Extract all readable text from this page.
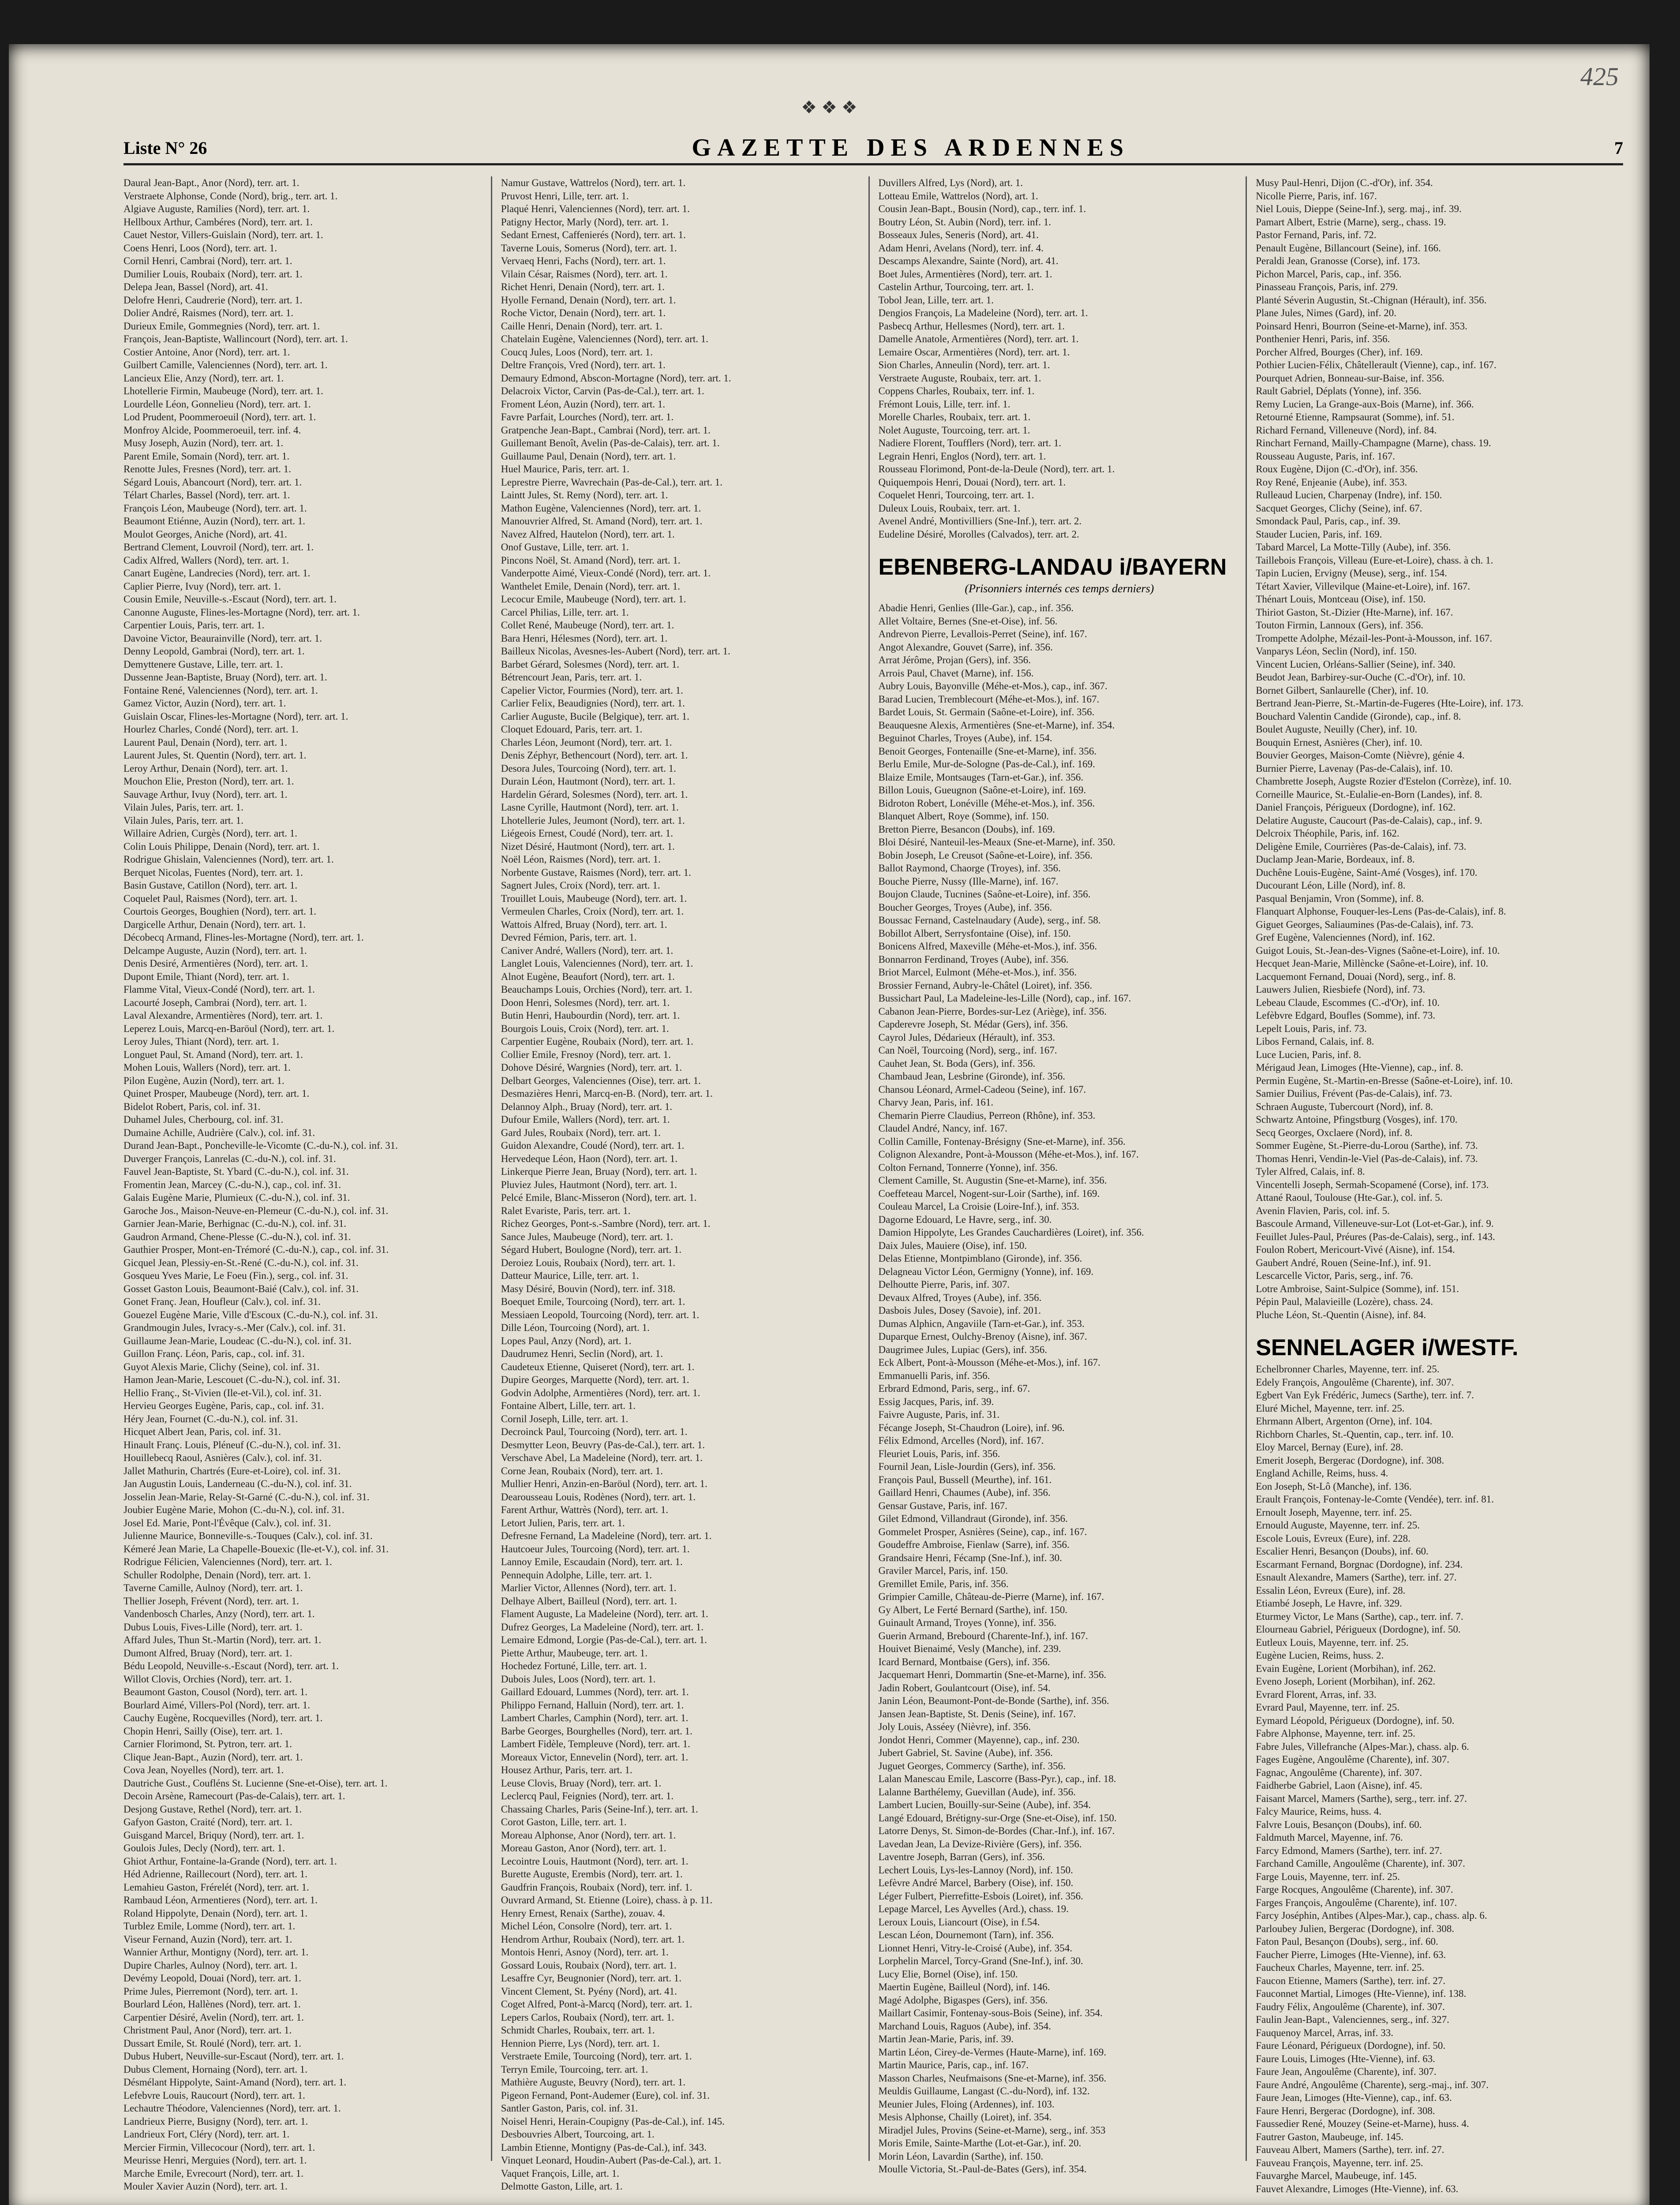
425
❖ ❖ ❖
Liste N° 26	GAZETTE DES ARDENNES	7
Daural Jean-Bapt., Anor (Nord), terr. art. 1.
Verstraete Alphonse, Conde (Nord), brig., terr. art. 1.
Algiave Auguste, Ramilies (Nord), terr. art. 1.
Hellboux Arthur, Cambéres (Nord), terr. art. 1.
Cauet Nestor, Villers-Guislain (Nord), terr. art. 1.
Coens Henri, Loos (Nord), terr. art. 1.
Cornil Henri, Cambrai (Nord), terr. art. 1.
Dumilier Louis, Roubaix (Nord), terr. art. 1.
Delepa Jean, Bassel (Nord), art. 41.
Delofre Henri, Caudrerie (Nord), terr. art. 1.
Dolier André, Raismes (Nord), terr. art. 1.
Durieux Emile, Gommegnies (Nord), terr. art. 1.
François, Jean-Baptiste, Wallincourt (Nord), terr. art. 1.
Costier Antoine, Anor (Nord), terr. art. 1.
Guilbert Camille, Valenciennes (Nord), terr. art. 1.
Lancieux Elie, Anzy (Nord), terr. art. 1.
Lhotellerie Firmin, Maubeuge (Nord), terr. art. 1.
Lourdelle Léon, Gonnelieu (Nord), terr. art. 1.
Lod Prudent, Poommeroeuil (Nord), terr. art. 1.
Monfroy Alcide, Poommeroeuil, terr. inf. 4.
Musy Joseph, Auzin (Nord), terr. art. 1.
Parent Emile, Somain (Nord), terr. art. 1.
Renotte Jules, Fresnes (Nord), terr. art. 1.
Ségard Louis, Abancourt (Nord), terr. art. 1.
Télart Charles, Bassel (Nord), terr. art. 1.
François Léon, Maubeuge (Nord), terr. art. 1.
Beaumont Etiénne, Auzin (Nord), terr. art. 1.
Moulot Georges, Aniche (Nord), art. 41.
Bertrand Clement, Louvroil (Nord), terr. art. 1.
Cadix Alfred, Wallers (Nord), terr. art. 1.
Canart Eugène, Landrecies (Nord), terr. art. 1.
Caplier Pierre, Ivuy (Nord), terr. art. 1.
Cousin Emile, Neuville-s.-Escaut (Nord), terr. art. 1.
Canonne Auguste, Flines-les-Mortagne (Nord), terr. art. 1.
Carpentier Louis, Paris, terr. art. 1.
Davoine Victor, Beaurainville (Nord), terr. art. 1.
Denny Leopold, Gambrai (Nord), terr. art. 1.
Demyttenere Gustave, Lille, terr. art. 1.
Dussenne Jean-Baptiste, Bruay (Nord), terr. art. 1.
Fontaine René, Valenciennes (Nord), terr. art. 1.
Gamez Victor, Auzin (Nord), terr. art. 1.
Guislain Oscar, Flines-les-Mortagne (Nord), terr. art. 1.
Hourlez Charles, Condé (Nord), terr. art. 1.
Laurent Paul, Denain (Nord), terr. art. 1.
Laurent Jules, St. Quentin (Nord), terr. art. 1.
Leroy Arthur, Denain (Nord), terr. art. 1.
Mouchon Elie, Preston (Nord), terr. art. 1.
Sauvage Arthur, Ivuy (Nord), terr. art. 1.
Vilain Jules, Paris, terr. art. 1.
Vilain Jules, Paris, terr. art. 1.
Willaire Adrien, Curgès (Nord), terr. art. 1.
Colin Louis Philippe, Denain (Nord), terr. art. 1.
Rodrigue Ghislain, Valenciennes (Nord), terr. art. 1.
Berquet Nicolas, Fuentes (Nord), terr. art. 1.
Basin Gustave, Catillon (Nord), terr. art. 1.
Coquelet Paul, Raismes (Nord), terr. art. 1.
Courtois Georges, Boughien (Nord), terr. art. 1.
Dargicelle Arthur, Denain (Nord), terr. art. 1.
Décobecq Armand, Flines-les-Mortagne (Nord), terr. art. 1.
Delcampe Auguste, Auzin (Nord), terr. art. 1.
Denis Desiré, Armentières (Nord), terr. art. 1.
Dupont Emile, Thiant (Nord), terr. art. 1.
Flamme Vital, Vieux-Condé (Nord), terr. art. 1.
Lacourté Joseph, Cambrai (Nord), terr. art. 1.
Laval Alexandre, Armentières (Nord), terr. art. 1.
Leperez Louis, Marcq-en-Baröul (Nord), terr. art. 1.
Leroy Jules, Thiant (Nord), terr. art. 1.
Longuet Paul, St. Amand (Nord), terr. art. 1.
Mohen Louis, Wallers (Nord), terr. art. 1.
Pilon Eugène, Auzin (Nord), terr. art. 1.
Quinet Prosper, Maubeuge (Nord), terr. art. 1.
Bidelot Robert, Paris, col. inf. 31.
Duhamel Jules, Cherbourg, col. inf. 31.
Dumaine Achille, Audrière (Calv.), col. inf. 31.
Durand Jean-Bapt., Poncheville-le-Vicomte (C.-du-N.), col. inf. 31.
Duverger François, Lanrelas (C.-du-N.), col. inf. 31.
Fauvel Jean-Baptiste, St. Ybard (C.-du-N.), col. inf. 31.
Fromentin Jean, Marcey (C.-du-N.), cap., col. inf. 31.
Galais Eugène Marie, Plumieux (C.-du-N.), col. inf. 31.
Garoche Jos., Maison-Neuve-en-Plemeur (C.-du-N.), col. inf. 31.
Garnier Jean-Marie, Berhignac (C.-du-N.), col. inf. 31.
Gaudron Armand, Chene-Plesse (C.-du-N.), col. inf. 31.
Gauthier Prosper, Mont-en-Trémoré (C.-du-N.), cap., col. inf. 31.
Gicquel Jean, Plessiy-en-St.-René (C.-du-N.), col. inf. 31.
Gosqueu Yves Marie, Le Foeu (Fin.), serg., col. inf. 31.
Gosset Gaston Louis, Beaumont-Baié (Calv.), col. inf. 31.
Gonet Franç. Jean, Houfleur (Calv.), col. inf. 31.
Gouezel Eugène Marie, Ville d'Escoux (C.-du-N.), col. inf. 31.
Grandmougin Jules, Ivracy-s.-Mer (Calv.), col. inf. 31.
Guillaume Jean-Marie, Loudeac (C.-du-N.), col. inf. 31.
Guillon Franç. Léon, Paris, cap., col. inf. 31.
Guyot Alexis Marie, Clichy (Seine), col. inf. 31.
Hamon Jean-Marie, Lescouet (C.-du-N.), col. inf. 31.
Hellio Franç., St-Vivien (Ile-et-Vil.), col. inf. 31.
Hervieu Georges Eugène, Paris, cap., col. inf. 31.
Héry Jean, Fournet (C.-du-N.), col. inf. 31.
Hicquet Albert Jean, Paris, col. inf. 31.
Hinault Franç. Louis, Pléneuf (C.-du-N.), col. inf. 31.
Houillebecq Raoul, Asnières (Calv.), col. inf. 31.
Jallet Mathurin, Chartrés (Eure-et-Loire), col. inf. 31.
Jan Augustin Louis, Landerneau (C.-du-N.), col. inf. 31.
Josselin Jean-Marie, Relay-St-Garné (C.-du-N.), col. inf. 31.
Joubier Eugène Marie, Mohon (C.-du-N.), col. inf. 31.
Josel Ed. Marie, Pont-l'Évêque (Calv.), col. inf. 31.
Julienne Maurice, Bonneville-s.-Touques (Calv.), col. inf. 31.
Kémeré Jean Marie, La Chapelle-Bouexic (Ile-et-V.), col. inf. 31.
Rodrigue Félicien, Valenciennes (Nord), terr. art. 1.
Schuller Rodolphe, Denain (Nord), terr. art. 1.
Taverne Camille, Aulnoy (Nord), terr. art. 1.
Thellier Joseph, Frévent (Nord), terr. art. 1.
Vandenbosch Charles, Anzy (Nord), terr. art. 1.
Dubus Louis, Fives-Lille (Nord), terr. art. 1.
Affard Jules, Thun St.-Martin (Nord), terr. art. 1.
Dumont Alfred, Bruay (Nord), terr. art. 1.
Bédu Leopold, Neuville-s.-Escaut (Nord), terr. art. 1.
Willot Clovis, Orchies (Nord), terr. art. 1.
Beaumont Gaston, Cousol (Nord), terr. art. 1.
Bourlard Aimé, Villers-Pol (Nord), terr. art. 1.
Cauchy Eugène, Rocquevilles (Nord), terr. art. 1.
Chopin Henri, Sailly (Oise), terr. art. 1.
Carnier Florimond, St. Pytron, terr. art. 1.
Clique Jean-Bapt., Auzin (Nord), terr. art. 1.
Cova Jean, Noyelles (Nord), terr. art. 1.
Dautriche Gust., Coufléns St. Lucienne (Sne-et-Oise), terr. art. 1.
Decoin Arsène, Ramecourt (Pas-de-Calais), terr. art. 1.
Desjong Gustave, Rethel (Nord), terr. art. 1.
Gafyon Gaston, Craité (Nord), terr. art. 1.
Guisgand Marcel, Briquy (Nord), terr. art. 1.
Goulois Jules, Decly (Nord), terr. art. 1.
Ghiot Arthur, Fontaine-la-Grande (Nord), terr. art. 1.
Héd Adrienne, Raillecourt (Nord), terr. art. 1.
Lemahieu Gaston, Frérelét (Nord), terr. art. 1.
Rambaud Léon, Armentieres (Nord), terr. art. 1.
Roland Hippolyte, Denain (Nord), terr. art. 1.
Turblez Emile, Lomme (Nord), terr. art. 1.
Viseur Fernand, Auzin (Nord), terr. art. 1.
Wannier Arthur, Montigny (Nord), terr. art. 1.
Dupire Charles, Aulnoy (Nord), terr. art. 1.
Devémy Leopold, Douai (Nord), terr. art. 1.
Prime Jules, Pierremont (Nord), terr. art. 1.
Bourlard Léon, Hallènes (Nord), terr. art. 1.
Carpentier Désiré, Avelin (Nord), terr. art. 1.
Christment Paul, Anor (Nord), terr. art. 1.
Dussart Emile, St. Roulé (Nord), terr. art. 1.
Dubus Hubert, Neuville-sur-Escaut (Nord), terr. art. 1.
Dubus Clement, Hornaing (Nord), terr. art. 1.
Désmélant Hippolyte, Saint-Amand (Nord), terr. art. 1.
Lefebvre Louis, Raucourt (Nord), terr. art. 1.
Lechautre Théodore, Valenciennes (Nord), terr. art. 1.
Landrieux Pierre, Busigny (Nord), terr. art. 1.
Landrieux Fort, Cléry (Nord), terr. art. 1.
Mercier Firmin, Villecocour (Nord), terr. art. 1.
Meurisse Henri, Merguies (Nord), terr. art. 1.
Marche Emile, Evrecourt (Nord), terr. art. 1.
Mouler Xavier Auzin (Nord), terr. art. 1.
Namur Gustave, Wattrelos (Nord), terr. art. 1.
Pruvost Henri, Lille, terr. art. 1.
Plaqué Henri, Valenciennes (Nord), terr. art. 1.
Patigny Hector, Marly (Nord), terr. art. 1.
Sedant Ernest, Caffenierés (Nord), terr. art. 1.
Taverne Louis, Somerus (Nord), terr. art. 1.
Vervaeq Henri, Fachs (Nord), terr. art. 1.
Vilain César, Raismes (Nord), terr. art. 1.
Richet Henri, Denain (Nord), terr. art. 1.
Hyolle Fernand, Denain (Nord), terr. art. 1.
Roche Victor, Denain (Nord), terr. art. 1.
Caille Henri, Denain (Nord), terr. art. 1.
Chatelain Eugène, Valenciennes (Nord), terr. art. 1.
Coucq Jules, Loos (Nord), terr. art. 1.
Deltre François, Vred (Nord), terr. art. 1.
Demaury Edmond, Abscon-Mortagne (Nord), terr. art. 1.
Delacroix Victor, Carvin (Pas-de-Cal.), terr. art. 1.
Froment Léon, Auzin (Nord), terr. art. 1.
Favre Parfait, Lourches (Nord), terr. art. 1.
Gratpenche Jean-Bapt., Cambrai (Nord), terr. art. 1.
Guillemant Benoît, Avelin (Pas-de-Calais), terr. art. 1.
Guillaume Paul, Denain (Nord), terr. art. 1.
Huel Maurice, Paris, terr. art. 1.
Leprestre Pierre, Wavrechain (Pas-de-Cal.), terr. art. 1.
Laintt Jules, St. Remy (Nord), terr. art. 1.
Mathon Eugène, Valenciennes (Nord), terr. art. 1.
Manouvrier Alfred, St. Amand (Nord), terr. art. 1.
Navez Alfred, Hautelon (Nord), terr. art. 1.
Onof Gustave, Lille, terr. art. 1.
Pincons Noël, St. Amand (Nord), terr. art. 1.
Vanderpotte Aimé, Vieux-Condé (Nord), terr. art. 1.
Wanthelet Emile, Denain (Nord), terr. art. 1.
Lecocur Emile, Maubeuge (Nord), terr. art. 1.
Carcel Philias, Lille, terr. art. 1.
Collet René, Maubeuge (Nord), terr. art. 1.
Bara Henri, Hélesmes (Nord), terr. art. 1.
Bailleux Nicolas, Avesnes-les-Aubert (Nord), terr. art. 1.
Barbet Gérard, Solesmes (Nord), terr. art. 1.
Bétrencourt Jean, Paris, terr. art. 1.
Capelier Victor, Fourmies (Nord), terr. art. 1.
Carlier Felix, Beaudignies (Nord), terr. art. 1.
Carlier Auguste, Bucile (Belgique), terr. art. 1.
Cloquet Edouard, Paris, terr. art. 1.
Charles Léon, Jeumont (Nord), terr. art. 1.
Denis Zéphyr, Bethencourt (Nord), terr. art. 1.
Desora Jules, Tourcoing (Nord), terr. art. 1.
Durain Léon, Hautmont (Nord), terr. art. 1.
Hardelin Gérard, Solesmes (Nord), terr. art. 1.
Lasne Cyrille, Hautmont (Nord), terr. art. 1.
Lhotellerie Jules, Jeumont (Nord), terr. art. 1.
Liégeois Ernest, Coudé (Nord), terr. art. 1.
Nizet Désiré, Hautmont (Nord), terr. art. 1.
Noël Léon, Raismes (Nord), terr. art. 1.
Norbente Gustave, Raismes (Nord), terr. art. 1.
Sagnert Jules, Croix (Nord), terr. art. 1.
Trouillet Louis, Maubeuge (Nord), terr. art. 1.
Vermeulen Charles, Croix (Nord), terr. art. 1.
Wattois Alfred, Bruay (Nord), terr. art. 1.
Devred Fémion, Paris, terr. art. 1.
Caniver André, Wallers (Nord), terr. art. 1.
Langlet Louis, Valenciennes (Nord), terr. art. 1.
Alnot Eugène, Beaufort (Nord), terr. art. 1.
Beauchamps Louis, Orchies (Nord), terr. art. 1.
Doon Henri, Solesmes (Nord), terr. art. 1.
Butin Henri, Haubourdin (Nord), terr. art. 1.
Bourgois Louis, Croix (Nord), terr. art. 1.
Carpentier Eugène, Roubaix (Nord), terr. art. 1.
Collier Emile, Fresnoy (Nord), terr. art. 1.
Dohove Désiré, Wargnies (Nord), terr. art. 1.
Delbart Georges, Valenciennes (Oise), terr. art. 1.
Desmazières Henri, Marcq-en-B. (Nord), terr. art. 1.
Delannoy Alph., Bruay (Nord), terr. art. 1.
Dufour Emile, Wallers (Nord), terr. art. 1.
Gard Jules, Roubaix (Nord), terr. art. 1.
Guidon Alexandre, Coudé (Nord), terr. art. 1.
Hervedeque Léon, Haon (Nord), terr. art. 1.
Linkerque Pierre Jean, Bruay (Nord), terr. art. 1.
Pluviez Jules, Hautmont (Nord), terr. art. 1.
Pelcé Emile, Blanc-Misseron (Nord), terr. art. 1.
Ralet Evariste, Paris, terr. art. 1.
Richez Georges, Pont-s.-Sambre (Nord), terr. art. 1.
Sance Jules, Maubeuge (Nord), terr. art. 1.
Ségard Hubert, Boulogne (Nord), terr. art. 1.
Deroiez Louis, Roubaix (Nord), terr. art. 1.
Datteur Maurice, Lille, terr. art. 1.
Masy Désiré, Bouvin (Nord), terr. inf. 318.
Boequet Emile, Tourcoing (Nord), terr. art. 1.
Messiaen Leopold, Tourcoing (Nord), terr. art. 1.
Dille Léon, Tourcoing (Nord), art. 1.
Lopes Paul, Anzy (Nord), art. 1.
Daudrumez Henri, Seclin (Nord), art. 1.
Caudeteux Etienne, Quiseret (Nord), terr. art. 1.
Dupire Georges, Marquette (Nord), terr. art. 1.
Godvin Adolphe, Armentières (Nord), terr. art. 1.
Fontaine Albert, Lille, terr. art. 1.
Cornil Joseph, Lille, terr. art. 1.
Decroinck Paul, Tourcoing (Nord), terr. art. 1.
Desmytter Leon, Beuvry (Pas-de-Cal.), terr. art. 1.
Verschave Abel, La Madeleine (Nord), terr. art. 1.
Corne Jean, Roubaix (Nord), terr. art. 1.
Mullier Henri, Anzin-en-Baröul (Nord), terr. art. 1.
Dearousseau Louis, Rodènes (Nord), terr. art. 1.
Farent Arthur, Wattrès (Nord), terr. art. 1.
Letort Julien, Paris, terr. art. 1.
Defresne Fernand, La Madeleine (Nord), terr. art. 1.
Hautcoeur Jules, Tourcoing (Nord), terr. art. 1.
Lannoy Emile, Escaudain (Nord), terr. art. 1.
Pennequin Adolphe, Lille, terr. art. 1.
Marlier Victor, Allennes (Nord), terr. art. 1.
Delhaye Albert, Bailleul (Nord), terr. art. 1.
Flament Auguste, La Madeleine (Nord), terr. art. 1.
Dufrez Georges, La Madeleine (Nord), terr. art. 1.
Lemaire Edmond, Lorgie (Pas-de-Cal.), terr. art. 1.
Piette Arthur, Maubeuge, terr. art. 1.
Hochedez Fortuné, Lille, terr. art. 1.
Dubois Jules, Loos (Nord), terr. art. 1.
Gaillard Edouard, Lummes (Nord), terr. art. 1.
Philippo Fernand, Halluin (Nord), terr. art. 1.
Lambert Charles, Camphin (Nord), terr. art. 1.
Barbe Georges, Bourghelles (Nord), terr. art. 1.
Lambert Fidèle, Templeuve (Nord), terr. art. 1.
Moreaux Victor, Ennevelin (Nord), terr. art. 1.
Housez Arthur, Paris, terr. art. 1.
Leuse Clovis, Bruay (Nord), terr. art. 1.
Leclercq Paul, Feignies (Nord), terr. art. 1.
Chassaing Charles, Paris (Seine-Inf.), terr. art. 1.
Corot Gaston, Lille, terr. art. 1.
Moreau Alphonse, Anor (Nord), terr. art. 1.
Moreau Gaston, Anor (Nord), terr. art. 1.
Lecointre Louis, Hautmont (Nord), terr. art. 1.
Burette Auguste, Erembis (Nord), terr. art. 1.
Gaudfrin François, Roubaix (Nord), terr. inf. 1.
Ouvrard Armand, St. Etienne (Loire), chass. à p. 11.
Henry Ernest, Renaix (Sarthe), zouav. 4.
Michel Léon, Consolre (Nord), terr. art. 1.
Hendrom Arthur, Roubaix (Nord), terr. art. 1.
Montois Henri, Asnoy (Nord), terr. art. 1.
Gossard Louis, Roubaix (Nord), terr. art. 1.
Lesaffre Cyr, Beugnonier (Nord), terr. art. 1.
Vincent Clement, St. Pyény (Nord), art. 41.
Coget Alfred, Pont-à-Marcq (Nord), terr. art. 1.
Lepers Carlos, Roubaix (Nord), terr. art. 1.
Schmidt Charles, Roubaix, terr. art. 1.
Hennion Pierre, Lys (Nord), terr. art. 1.
Verstraete Emile, Tourcoing (Nord), terr. art. 1.
Terryn Emile, Tourcoing, terr. art. 1.
Mathière Auguste, Beuvry (Nord), terr. art. 1.
Pigeon Fernand, Pont-Audemer (Eure), col. inf. 31.
Santler Gaston, Paris, col. inf. 31.
Noisel Henri, Herain-Coupigny (Pas-de-Cal.), inf. 145.
Desbouvries Albert, Tourcoing, art. 1.
Lambin Etienne, Montigny (Pas-de-Cal.), inf. 343.
Vinquet Leonard, Houdin-Aubert (Pas-de-Cal.), art. 1.
Vaquet François, Lille, art. 1.
Delmotte Gaston, Lille, art. 1.
Duvillers Alfred, Lys (Nord), art. 1.
Lotteau Emile, Wattrelos (Nord), art. 1.
Cousin Jean-Bapt., Bousin (Nord), cap., terr. inf. 1.
Boutry Léon, St. Aubin (Nord), terr. inf. 1.
Bosseaux Jules, Seneris (Nord), art. 41.
Adam Henri, Avelans (Nord), terr. inf. 4.
Descamps Alexandre, Sainte (Nord), art. 41.
Boet Jules, Armentières (Nord), terr. art. 1.
Castelin Arthur, Tourcoing, terr. art. 1.
Tobol Jean, Lille, terr. art. 1.
Dengios François, La Madeleine (Nord), terr. art. 1.
Pasbecq Arthur, Hellesmes (Nord), terr. art. 1.
Damelle Anatole, Armentières (Nord), terr. art. 1.
Lemaire Oscar, Armentières (Nord), terr. art. 1.
Sion Charles, Anneulin (Nord), terr. art. 1.
Verstraete Auguste, Roubaix, terr. art. 1.
Coppens Charles, Roubaix, terr. inf. 1.
Frémont Louis, Lille, terr. inf. 1.
Morelle Charles, Roubaix, terr. art. 1.
Nolet Auguste, Tourcoing, terr. art. 1.
Nadiere Florent, Toufflers (Nord), terr. art. 1.
Legrain Henri, Englos (Nord), terr. art. 1.
Rousseau Florimond, Pont-de-la-Deule (Nord), terr. art. 1.
Quiquempois Henri, Douai (Nord), terr. art. 1.
Coquelet Henri, Tourcoing, terr. art. 1.
Duleux Louis, Roubaix, terr. art. 1.
Avenel André, Montivilliers (Sne-Inf.), terr. art. 2.
Eudeline Désiré, Morolles (Calvados), terr. art. 2.
EBENBERG-LANDAU i/BAYERN
(Prisonniers internés ces temps derniers)
Abadie Henri, Genlies (Ille-Gar.), cap., inf. 356.
Allet Voltaire, Bernes (Sne-et-Oise), inf. 56.
Andrevon Pierre, Levallois-Perret (Seine), inf. 167.
Angot Alexandre, Gouvet (Sarre), inf. 356.
Arrat Jérôme, Projan (Gers), inf. 356.
Arrois Paul, Chavet (Marne), inf. 156.
Aubry Louis, Bayonville (Méhe-et-Mos.), cap., inf. 367.
Barad Lucien, Tremblecourt (Méhe-et-Mos.), inf. 167.
Bardet Louis, St. Germain (Saône-et-Loire), inf. 356.
Beauquesne Alexis, Armentières (Sne-et-Marne), inf. 354.
Beguinot Charles, Troyes (Aube), inf. 154.
Benoit Georges, Fontenaille (Sne-et-Marne), inf. 356.
Berlu Emile, Mur-de-Sologne (Pas-de-Cal.), inf. 169.
Blaize Emile, Montsauges (Tarn-et-Gar.), inf. 356.
Billon Louis, Gueugnon (Saône-et-Loire), inf. 169.
Bidroton Robert, Lonéville (Méhe-et-Mos.), inf. 356.
Blanquet Albert, Roye (Somme), inf. 150.
Bretton Pierre, Besancon (Doubs), inf. 169.
Bloi Désiré, Nanteuil-les-Meaux (Sne-et-Marne), inf. 350.
Bobin Joseph, Le Creusot (Saône-et-Loire), inf. 356.
Ballot Raymond, Chaorge (Troyes), inf. 356.
Bouche Pierre, Nussy (Ille-Marne), inf. 167.
Boujon Claude, Tucnines (Saône-et-Loire), inf. 356.
Boucher Georges, Troyes (Aube), inf. 356.
Boussac Fernand, Castelnaudary (Aude), serg., inf. 58.
Bobillot Albert, Serrysfontaine (Oise), inf. 150.
Bonicens Alfred, Maxeville (Méhe-et-Mos.), inf. 356.
Bonnarron Ferdinand, Troyes (Aube), inf. 356.
Briot Marcel, Eulmont (Méhe-et-Mos.), inf. 356.
Brossier Fernand, Aubry-le-Châtel (Loiret), inf. 356.
Bussichart Paul, La Madeleine-les-Lille (Nord), cap., inf. 167.
Cabanon Jean-Pierre, Bordes-sur-Lez (Ariège), inf. 356.
Capderevre Joseph, St. Médar (Gers), inf. 356.
Cayrol Jules, Dédarieux (Hérault), inf. 353.
Can Noël, Tourcoing (Nord), serg., inf. 167.
Cauhet Jean, St. Boda (Gers), inf. 356.
Chambaud Jean, Lesbrine (Gironde), inf. 356.
Chansou Léonard, Armel-Cadeou (Seine), inf. 167.
Charvy Jean, Paris, inf. 161.
Chemarin Pierre Claudius, Perreon (Rhône), inf. 353.
Claudel André, Nancy, inf. 167.
Collin Camille, Fontenay-Brésigny (Sne-et-Marne), inf. 356.
Colignon Alexandre, Pont-à-Mousson (Méhe-et-Mos.), inf. 167.
Colton Fernand, Tonnerre (Yonne), inf. 356.
Clement Camille, St. Augustin (Sne-et-Marne), inf. 356.
Coeffeteau Marcel, Nogent-sur-Loir (Sarthe), inf. 169.
Couleau Marcel, La Croisie (Loire-Inf.), inf. 353.
Dagorne Edouard, Le Havre, serg., inf. 30.
Damion Hippolyte, Les Grandes Cauchardières (Loiret), inf. 356.
Daix Jules, Mauiere (Oise), inf. 150.
Delas Etienne, Montpimblano (Gironde), inf. 356.
Delagneau Victor Léon, Germigny (Yonne), inf. 169.
Delhoutte Pierre, Paris, inf. 307.
Devaux Alfred, Troyes (Aube), inf. 356.
Dasbois Jules, Dosey (Savoie), inf. 201.
Dumas Alphicn, Angaviile (Tarn-et-Gar.), inf. 353.
Duparque Ernest, Oulchy-Brenoy (Aisne), inf. 367.
Daugrimee Jules, Lupiac (Gers), inf. 356.
Eck Albert, Pont-à-Mousson (Méhe-et-Mos.), inf. 167.
Emmanuelli Paris, inf. 356.
Erbrard Edmond, Paris, serg., inf. 67.
Essig Jacques, Paris, inf. 39.
Faivre Auguste, Paris, inf. 31.
Fécange Joseph, St-Chaudron (Loire), inf. 96.
Félix Edmond, Arcelles (Nord), inf. 167.
Fleuriet Louis, Paris, inf. 356.
Fournil Jean, Lisle-Jourdin (Gers), inf. 356.
François Paul, Bussell (Meurthe), inf. 161.
Gaillard Henri, Chaumes (Aube), inf. 356.
Gensar Gustave, Paris, inf. 167.
Gilet Edmond, Villandraut (Gironde), inf. 356.
Gommelet Prosper, Asnières (Seine), cap., inf. 167.
Goudeffre Ambroise, Fienlaw (Sarre), inf. 356.
Grandsaire Henri, Fécamp (Sne-Inf.), inf. 30.
Graviler Marcel, Paris, inf. 150.
Gremillet Emile, Paris, inf. 356.
Grimpier Camille, Château-de-Pierre (Marne), inf. 167.
Gy Albert, Le Ferté Bernard (Sarthe), inf. 150.
Guinault Armand, Troyes (Yonne), inf. 356.
Guerin Armand, Brebourd (Charente-Inf.), inf. 167.
Houivet Bienaimé, Vesly (Manche), inf. 239.
Icard Bernard, Montbaise (Gers), inf. 356.
Jacquemart Henri, Dommartin (Sne-et-Marne), inf. 356.
Jadin Robert, Goulantcourt (Oise), inf. 54.
Janin Léon, Beaumont-Pont-de-Bonde (Sarthe), inf. 356.
Jansen Jean-Baptiste, St. Denis (Seine), inf. 167.
Joly Louis, Asséey (Nièvre), inf. 356.
Jondot Henri, Commer (Mayenne), cap., inf. 230.
Jubert Gabriel, St. Savine (Aube), inf. 356.
Juguet Georges, Commercy (Sarthe), inf. 356.
Lalan Manescau Emile, Lascorre (Bass-Pyr.), cap., inf. 18.
Lalanne Barthélemy, Guevillan (Aude), inf. 356.
Lambert Lucien, Bouilly-sur-Seine (Aube), inf. 354.
Langé Edouard, Brétigny-sur-Orge (Sne-et-Oise), inf. 150.
Latorre Denys, St. Simon-de-Bordes (Char.-Inf.), inf. 167.
Lavedan Jean, La Devize-Rivière (Gers), inf. 356.
Laventre Joseph, Barran (Gers), inf. 356.
Lechert Louis, Lys-les-Lannoy (Nord), inf. 150.
Lefèvre André Marcel, Barbery (Oise), inf. 150.
Léger Fulbert, Pierrefitte-Esbois (Loiret), inf. 356.
Lepage Marcel, Les Ayvelles (Ard.), chass. 19.
Leroux Louis, Liancourt (Oise), in f.54.
Lescan Léon, Dournemont (Tarn), inf. 356.
Lionnet Henri, Vitry-le-Croisé (Aube), inf. 354.
Lorphelin Marcel, Torcy-Grand (Sne-Inf.), inf. 30.
Lucy Elie, Bornel (Oise), inf. 150.
Maertin Eugène, Bailleul (Nord), inf. 146.
Magé Adolphe, Bigaspes (Gers), inf. 356.
Maillart Casimir, Fontenay-sous-Bois (Seine), inf. 354.
Marchand Louis, Raguos (Aube), inf. 354.
Martin Jean-Marie, Paris, inf. 39.
Martin Léon, Cirey-de-Vermes (Haute-Marne), inf. 169.
Martin Maurice, Paris, cap., inf. 167.
Masson Charles, Neufmaisons (Sne-et-Marne), inf. 356.
Meuldis Guillaume, Langast (C.-du-Nord), inf. 132.
Meunier Jules, Floing (Ardennes), inf. 103.
Mesis Alphonse, Chailly (Loiret), inf. 354.
Miradjel Jules, Provins (Seine-et-Marne), serg., inf. 353
Moris Emile, Sainte-Marthe (Lot-et-Gar.), inf. 20.
Morin Léon, Lavardin (Sarthe), inf. 150.
Moulle Victoria, St.-Paul-de-Bates (Gers), inf. 354.
Musy Paul-Henri, Dijon (C.-d'Or), inf. 354.
Nicolle Pierre, Paris, inf. 167.
Niel Louis, Dieppe (Seine-Inf.), serg. maj., inf. 39.
Pamart Albert, Estrie (Marne), serg., chass. 19.
Pastor Fernand, Paris, inf. 72.
Penault Eugène, Billancourt (Seine), inf. 166.
Peraldi Jean, Granosse (Corse), inf. 173.
Pichon Marcel, Paris, cap., inf. 356.
Pinasseau François, Paris, inf. 279.
Planté Séverin Augustin, St.-Chignan (Hérault), inf. 356.
Plane Jules, Nimes (Gard), inf. 20.
Poinsard Henri, Bourron (Seine-et-Marne), inf. 353.
Ponthenier Henri, Paris, inf. 356.
Porcher Alfred, Bourges (Cher), inf. 169.
Pothier Lucien-Félix, Châtellerault (Vienne), cap., inf. 167.
Pourquet Adrien, Bonneau-sur-Baise, inf. 356.
Rault Gabriel, Déplats (Yonne), inf. 356.
Remy Lucien, La Grange-aux-Bois (Marne), inf. 366.
Retourné Etienne, Rampsaurat (Somme), inf. 51.
Richard Fernand, Villeneuve (Nord), inf. 84.
Rinchart Fernand, Mailly-Champagne (Marne), chass. 19.
Rousseau Auguste, Paris, inf. 167.
Roux Eugène, Dijon (C.-d'Or), inf. 356.
Roy René, Enjeanie (Aube), inf. 353.
Rulleaud Lucien, Charpenay (Indre), inf. 150.
Sacquet Georges, Clichy (Seine), inf. 67.
Smondack Paul, Paris, cap., inf. 39.
Stauder Lucien, Paris, inf. 169.
Tabard Marcel, La Motte-Tilly (Aube), inf. 356.
Taillebois François, Villeau (Eure-et-Loire), chass. à ch. 1.
Tapin Lucien, Ervigny (Meuse), serg., inf. 154.
Tétart Xavier, Villevilque (Maine-et-Loire), inf. 167.
Thénart Louis, Montceau (Oise), inf. 150.
Thiriot Gaston, St.-Dizier (Hte-Marne), inf. 167.
Touton Firmin, Lannoux (Gers), inf. 356.
Trompette Adolphe, Mézail-les-Pont-à-Mousson, inf. 167.
Vanparys Léon, Seclin (Nord), inf. 150.
Vincent Lucien, Orléans-Sallier (Seine), inf. 340.
Beudot Jean, Barbirey-sur-Ouche (C.-d'Or), inf. 10.
Bornet Gilbert, Sanlaurelle (Cher), inf. 10.
Bertrand Jean-Pierre, St.-Martin-de-Fugeres (Hte-Loire), inf. 173.
Bouchard Valentin Candide (Gironde), cap., inf. 8.
Boulet Auguste, Neuilly (Cher), inf. 10.
Bouquin Ernest, Asnières (Cher), inf. 10.
Bouvier Georges, Maison-Comte (Nièvre), génie 4.
Burnier Pierre, Lavenay (Pas-de-Calais), inf. 10.
Chambrette Joseph, Augste Rozier d'Estelon (Corrèze), inf. 10.
Corneille Maurice, St.-Eulalie-en-Born (Landes), inf. 8.
Daniel François, Périgueux (Dordogne), inf. 162.
Delatire Auguste, Caucourt (Pas-de-Calais), cap., inf. 9.
Delcroix Théophile, Paris, inf. 162.
Deligène Emile, Courrières (Pas-de-Calais), inf. 73.
Duclamp Jean-Marie, Bordeaux, inf. 8.
Duchêne Louis-Eugène, Saint-Amé (Vosges), inf. 170.
Ducourant Léon, Lille (Nord), inf. 8.
Pasqual Benjamin, Vron (Somme), inf. 8.
Flanquart Alphonse, Fouquer-les-Lens (Pas-de-Calais), inf. 8.
Giguet Georges, Saliaumines (Pas-de-Calais), inf. 73.
Gref Eugène, Valenciennes (Nord), inf. 162.
Guigot Louis, St.-Jean-des-Vignes (Saône-et-Loire), inf. 10.
Hecquet Jean-Marie, Millèncke (Saône-et-Loire), inf. 10.
Lacquemont Fernand, Douai (Nord), serg., inf. 8.
Lauwers Julien, Riesbiefe (Nord), inf. 73.
Lebeau Claude, Escommes (C.-d'Or), inf. 10.
Lefèbvre Edgard, Boufles (Somme), inf. 73.
Lepelt Louis, Paris, inf. 73.
Libos Fernand, Calais, inf. 8.
Luce Lucien, Paris, inf. 8.
Mérigaud Jean, Limoges (Hte-Vienne), cap., inf. 8.
Permin Eugène, St.-Martin-en-Bresse (Saône-et-Loire), inf. 10.
Samier Duilius, Frévent (Pas-de-Calais), inf. 73.
Schraen Auguste, Tubercourt (Nord), inf. 8.
Schwartz Antoine, Pfingstburg (Vosges), inf. 170.
Secq Georges, Oxclaere (Nord), inf. 8.
Sommer Eugène, St.-Pierre-du-Lorou (Sarthe), inf. 73.
Thomas Henri, Vendin-le-Viel (Pas-de-Calais), inf. 73.
Tyler Alfred, Calais, inf. 8.
Vincentelli Joseph, Sermah-Scopamené (Corse), inf. 173.
Attané Raoul, Toulouse (Hte-Gar.), col. inf. 5.
Avenin Flavien, Paris, col. inf. 5.
Bascoule Armand, Villeneuve-sur-Lot (Lot-et-Gar.), inf. 9.
Feuillet Jules-Paul, Préures (Pas-de-Calais), serg., inf. 143.
Foulon Robert, Mericourt-Vivé (Aisne), inf. 154.
Gaubert André, Rouen (Seine-Inf.), inf. 91.
Lescarcelle Victor, Paris, serg., inf. 76.
Lotre Ambroise, Saint-Sulpice (Somme), inf. 151.
Pépin Paul, Malavieille (Lozère), chass. 24.
Pluche Léon, St.-Quentin (Aisne), inf. 84.
SENNELAGER i/WESTF.
Echelbronner Charles, Mayenne, terr. inf. 25.
Edely François, Angoulême (Charente), inf. 307.
Egbert Van Eyk Frédéric, Jumecs (Sarthe), terr. inf. 7.
Eluré Michel, Mayenne, terr. inf. 25.
Ehrmann Albert, Argenton (Orne), inf. 104.
Richborn Charles, St.-Quentin, cap., terr. inf. 10.
Eloy Marcel, Bernay (Eure), inf. 28.
Emerit Joseph, Bergerac (Dordogne), inf. 308.
England Achille, Reims, huss. 4.
Eon Joseph, St-Lô (Manche), inf. 136.
Erault François, Fontenay-le-Comte (Vendée), terr. inf. 81.
Ernoult Joseph, Mayenne, terr. inf. 25.
Ernould Auguste, Mayenne, terr. inf. 25.
Escole Louis, Evreux (Eure), inf. 228.
Escalier Henri, Besançon (Doubs), inf. 60.
Escarmant Fernand, Borgnac (Dordogne), inf. 234.
Esnault Alexandre, Mamers (Sarthe), terr. inf. 27.
Essalin Léon, Evreux (Eure), inf. 28.
Etiambé Joseph, Le Havre, inf. 329.
Eturmey Victor, Le Mans (Sarthe), cap., terr. inf. 7.
Elourneau Gabriel, Périgueux (Dordogne), inf. 50.
Eutleux Louis, Mayenne, terr. inf. 25.
Eugène Lucien, Reims, huss. 2.
Evain Eugène, Lorient (Morbihan), inf. 262.
Eveno Joseph, Lorient (Morbihan), inf. 262.
Evrard Florent, Arras, inf. 33.
Evrard Paul, Mayenne, terr. inf. 25.
Eymard Léopold, Périgueux (Dordogne), inf. 50.
Fabre Alphonse, Mayenne, terr. inf. 25.
Fabre Jules, Villefranche (Alpes-Mar.), chass. alp. 6.
Fages Eugène, Angoulême (Charente), inf. 307.
Fagnac, Angoulême (Charente), inf. 307.
Faidherbe Gabriel, Laon (Aisne), inf. 45.
Faisant Marcel, Mamers (Sarthe), serg., terr. inf. 27.
Falcy Maurice, Reims, huss. 4.
Falvre Louis, Besançon (Doubs), inf. 60.
Faldmuth Marcel, Mayenne, inf. 76.
Farcy Edmond, Mamers (Sarthe), terr. inf. 27.
Farchand Camille, Angoulême (Charente), inf. 307.
Farge Louis, Mayenne, terr. inf. 25.
Farge Rocques, Angoulême (Charente), inf. 307.
Farges François, Angoulême (Charente), inf. 107.
Farcy Joséphin, Antibes (Alpes-Mar.), cap., chass. alp. 6.
Parloubey Julien, Bergerac (Dordogne), inf. 308.
Faton Paul, Besançon (Doubs), serg., inf. 60.
Faucher Pierre, Limoges (Hte-Vienne), inf. 63.
Faucheux Charles, Mayenne, terr. inf. 25.
Faucon Etienne, Mamers (Sarthe), terr. inf. 27.
Fauconnet Martial, Limoges (Hte-Vienne), inf. 138.
Faudry Félix, Angoulême (Charente), inf. 307.
Faulin Jean-Bapt., Valenciennes, serg., inf. 327.
Fauquenoy Marcel, Arras, inf. 33.
Faure Léonard, Périgueux (Dordogne), inf. 50.
Faure Louis, Limoges (Hte-Vienne), inf. 63.
Faure Jean, Angoulême (Charente), inf. 307.
Faure André, Angoulême (Charente), serg.-maj., inf. 307.
Faure Jean, Limoges (Hte-Vienne), cap., inf. 63.
Faure Henri, Bergerac (Dordogne), inf. 308.
Faussedier René, Mouzey (Seine-et-Marne), huss. 4.
Fautrer Gaston, Maubeuge, inf. 145.
Fauveau Albert, Mamers (Sarthe), terr. inf. 27.
Fauveau François, Mayenne, terr. inf. 25.
Fauvarghe Marcel, Maubeuge, inf. 145.
Fauvet Alexandre, Limoges (Hte-Vienne), inf. 63.
